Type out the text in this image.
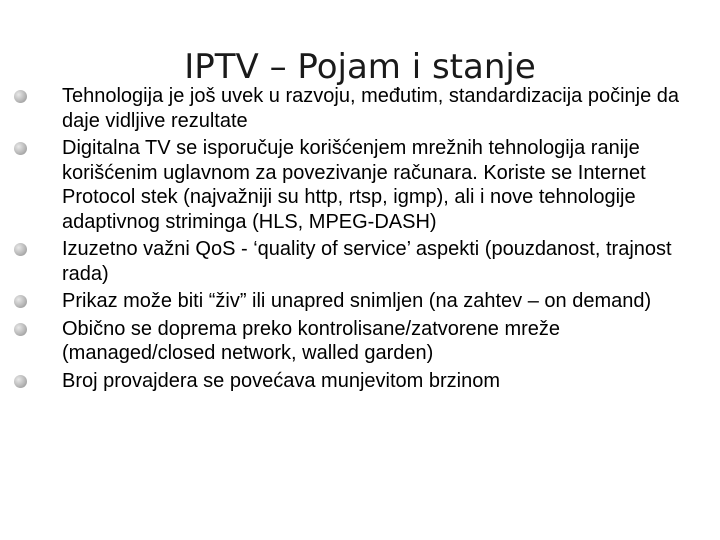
IPTV – Pojam i stanje
Tehnologija je još uvek u razvoju, međutim, standardizacija počinje da daje vidljive rezultate
Digitalna TV se isporučuje korišćenjem mrežnih tehnologija ranije korišćenim uglavnom za povezivanje računara. Koriste se Internet Protocol stek (najvažniji su http, rtsp, igmp), ali i nove tehnologije adaptivnog striminga (HLS, MPEG-DASH)
Izuzetno važni QoS - ‘quality of service’ aspekti (pouzdanost, trajnost rada)
Prikaz može biti “živ” ili unapred snimljen (na zahtev – on demand)
Obično se doprema preko kontrolisane/zatvorene mreže (managed/closed network, walled garden)
Broj provajdera se povećava munjevitom brzinom
